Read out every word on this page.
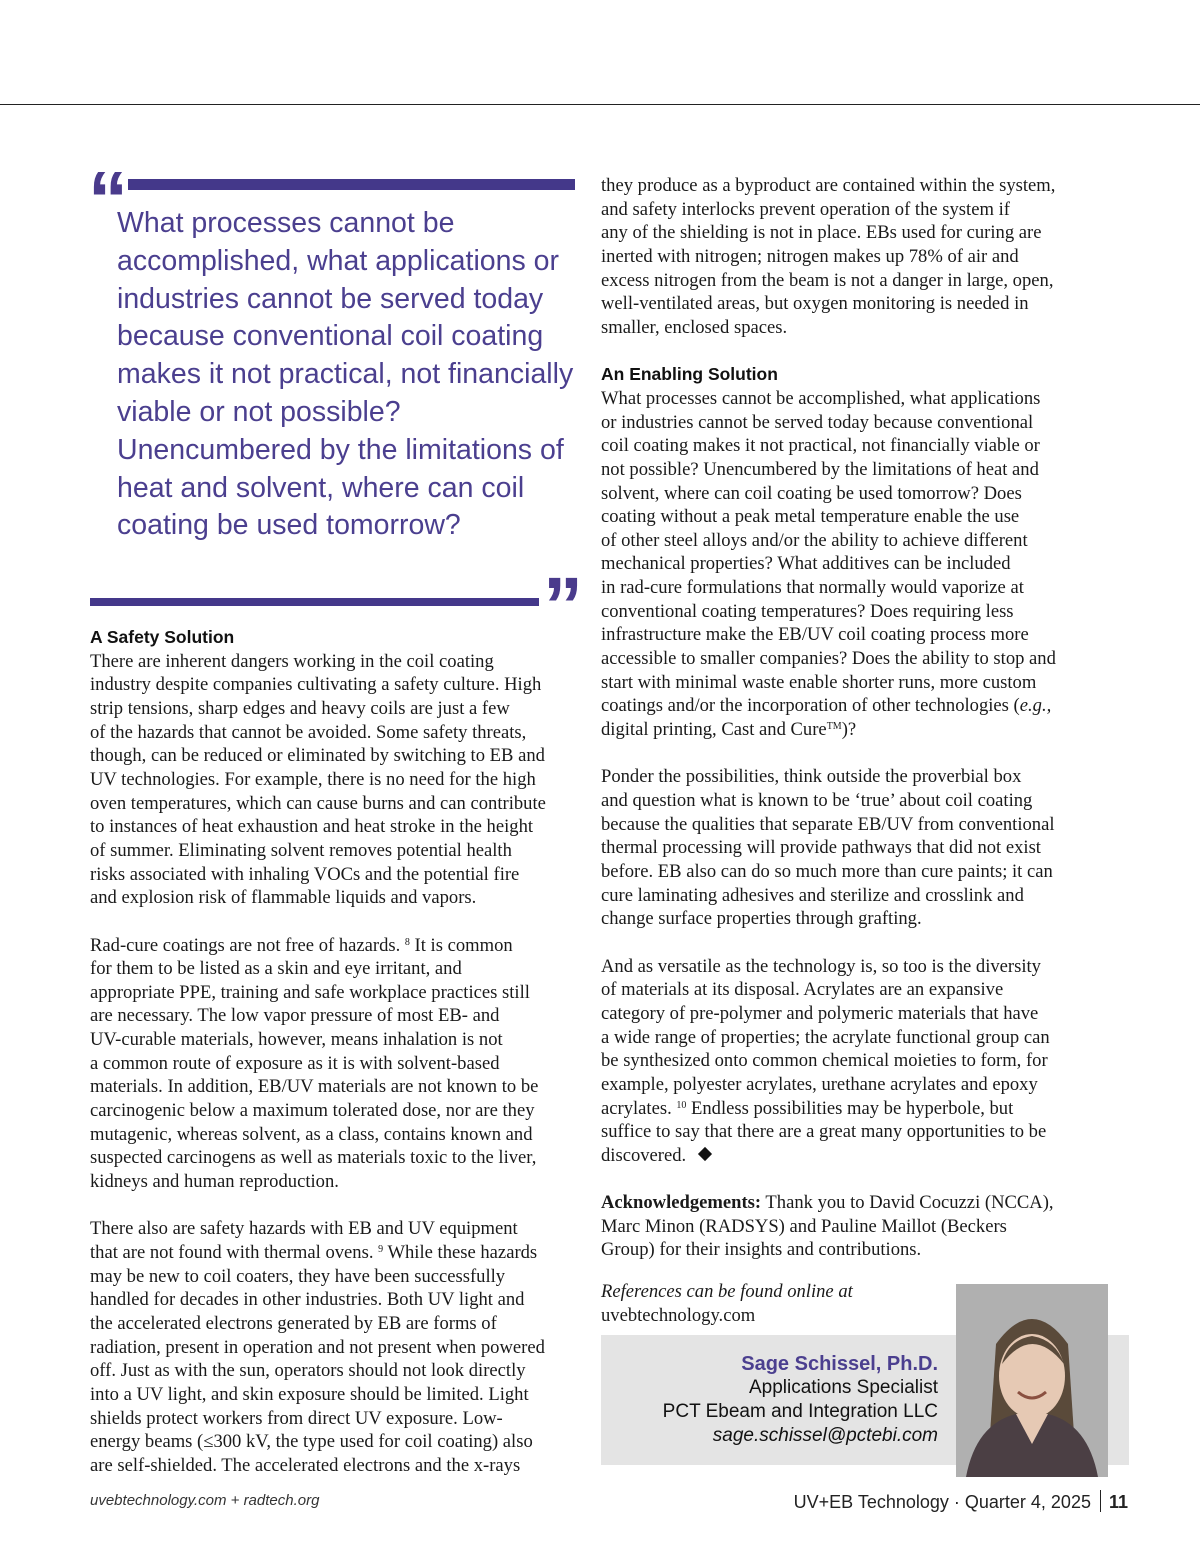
“

What processes cannot be accomplished, what applications or industries cannot be served today because conventional coil coating makes it not practical, not financially viable or not possible? Unencumbered by the limitations of heat and solvent, where can coil coating be used tomorrow?

”
A Safety Solution

There are inherent dangers working in the coil coating
industry despite companies cultivating a safety culture. High
strip tensions, sharp edges and heavy coils are just a few
of the hazards that cannot be avoided. Some safety threats,
though, can be reduced or eliminated by switching to EB and
UV technologies. For example, there is no need for the high
oven temperatures, which can cause burns and can contribute
to instances of heat exhaustion and heat stroke in the height
of summer. Eliminating solvent removes potential health
risks associated with inhaling VOCs and the potential fire
and explosion risk of flammable liquids and vapors.

Rad-cure coatings are not free of hazards. $^8$ It is common
for them to be listed as a skin and eye irritant, and
appropriate PPE, training and safe workplace practices still
are necessary. The low vapor pressure of most EB- and
UV-curable materials, however, means inhalation is not
a common route of exposure as it is with solvent-based
materials. In addition, EB/UV materials are not known to be
carcinogenic below a maximum tolerated dose, nor are they
mutagenic, whereas solvent, as a class, contains known and
suspected carcinogens as well as materials toxic to the liver,
kidneys and human reproduction.

There also are safety hazards with EB and UV equipment
that are not found with thermal ovens. $^9$ While these hazards
may be new to coil coaters, they have been successfully
handled for decades in other industries. Both UV light and
the accelerated electrons generated by EB are forms of
radiation, present in operation and not present when powered
off. Just as with the sun, operators should not look directly
into a UV light, and skin exposure should be limited. Light
shields protect workers from direct UV exposure. Low-
energy beams (≤300 kV, the type used for coil coating) also
are self-shielded. The accelerated electrons and the x-rays

they produce as a byproduct are contained within the system,
and safety interlocks prevent operation of the system if
any of the shielding is not in place. EBs used for curing are
inerted with nitrogen; nitrogen makes up 78% of air and
excess nitrogen from the beam is not a danger in large, open,
well-ventilated areas, but oxygen monitoring is needed in
smaller, enclosed spaces.

An Enabling Solution

What processes cannot be accomplished, what applications
or industries cannot be served today because conventional
coil coating makes it not practical, not financially viable or
not possible? Unencumbered by the limitations of heat and
solvent, where can coil coating be used tomorrow? Does
coating without a peak metal temperature enable the use
of other steel alloys and/or the ability to achieve different
mechanical properties? What additives can be included
in rad-cure formulations that normally would vaporize at
conventional coating temperatures? Does requiring less
infrastructure make the EB/UV coil coating process more
accessible to smaller companies? Does the ability to stop and
start with minimal waste enable shorter runs, more custom
coatings and/or the incorporation of other technologies (e.g.,
digital printing, Cast and Cure™)?

Ponder the possibilities, think outside the proverbial box
and question what is known to be ‘true’ about coil coating
because the qualities that separate EB/UV from conventional
thermal processing will provide pathways that did not exist
before. EB also can do so much more than cure paints; it can
cure laminating adhesives and sterilize and crosslink and
change surface properties through grafting.

And as versatile as the technology is, so too is the diversity
of materials at its disposal. Acrylates are an expansive
category of pre-polymer and polymeric materials that have
a wide range of properties; the acrylate functional group can
be synthesized onto common chemical moieties to form, for
example, polyester acrylates, urethane acrylates and epoxy
acrylates. $^{10}$ Endless possibilities may be hyperbole, but
suffice to say that there are a great many opportunities to be
discovered.

Acknowledgements: Thank you to David Cocuzzi (NCCA),
Marc Minon (RADSYS) and Pauline Maillot (Beckers
Group) for their insights and contributions.

References can be found online at
uvebtechnology.com
Sage Schissel, Ph.D.
Applications Specialist
PCT Ebeam and Integration LLC
sage.schissel@pctebi.com
uvebtechnology.com + radtech.org	UV+EB Technology · Quarter 4, 2025 11
